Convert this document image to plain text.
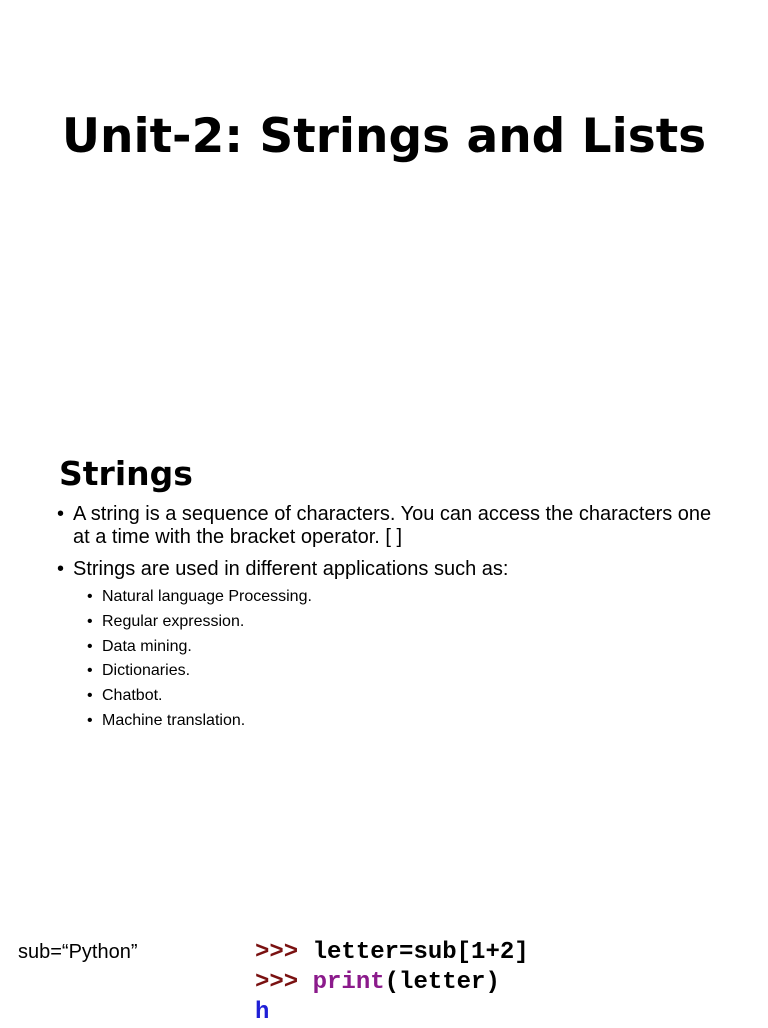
Unit-2: Strings and Lists
Strings
• A string is a sequence of characters. You can access the characters one at a time with the bracket operator. [ ]
• Strings are used in different applications such as:
• Natural language Processing.
• Regular expression.
• Data mining.
• Dictionaries.
• Chatbot.
• Machine translation.
sub=“Python”	>>> letter=sub[1+2]
>>> print(letter)
h
